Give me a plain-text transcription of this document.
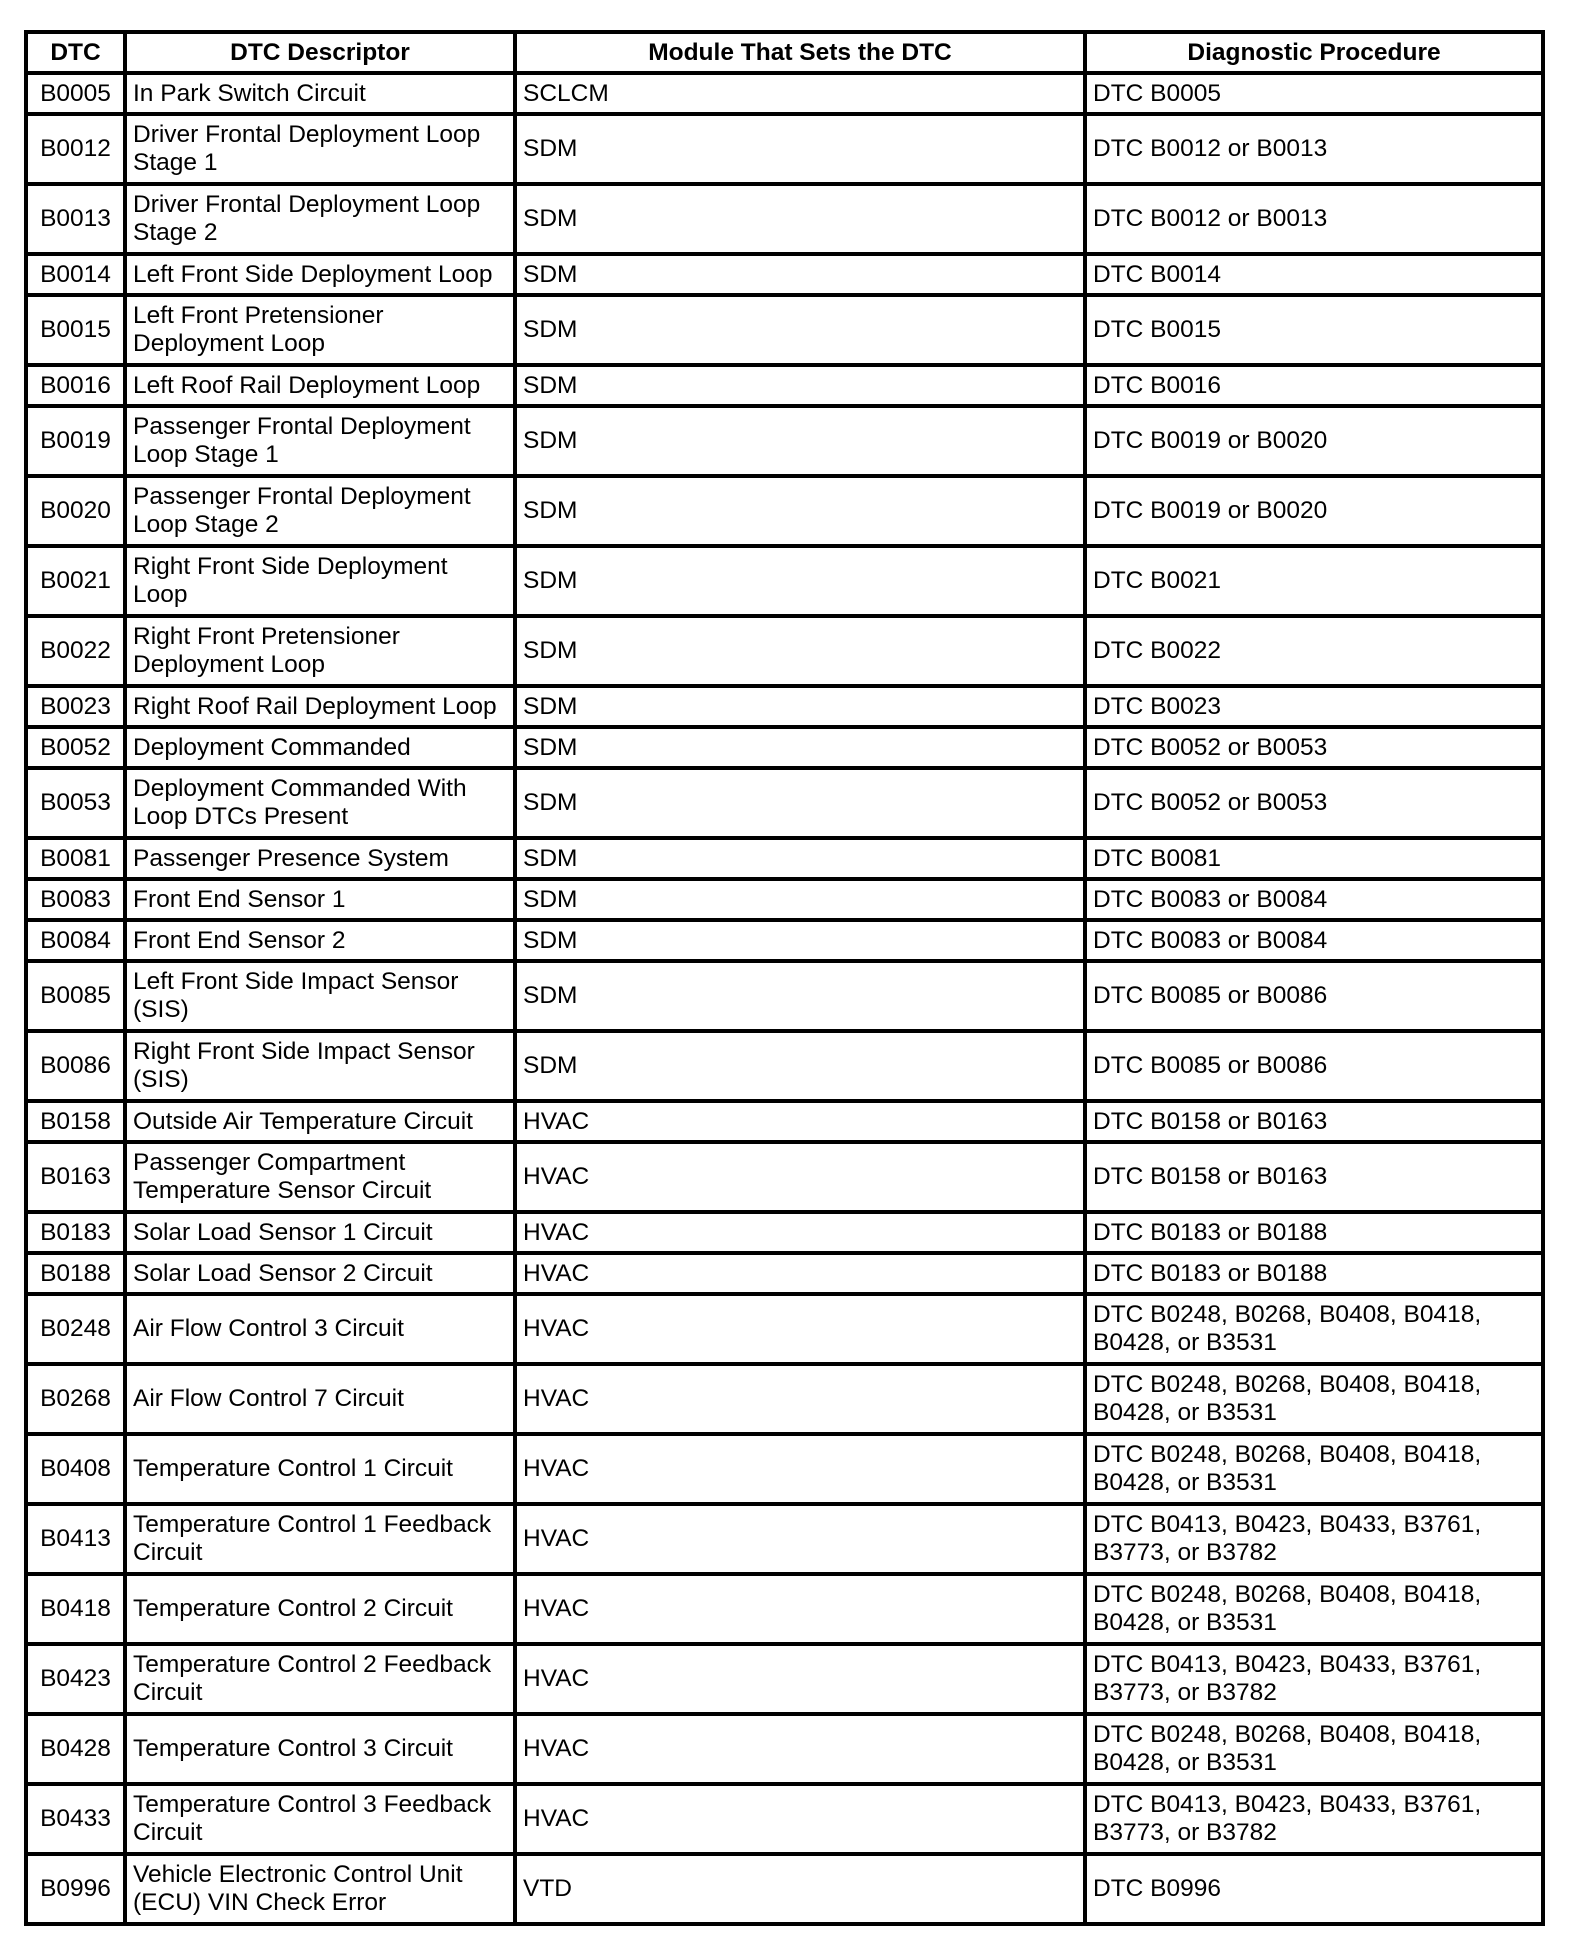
DTC	DTC Descriptor	Module That Sets the DTC	Diagnostic Procedure
B0005	In Park Switch Circuit	SCLCM	DTC B0005
B0012	Driver Frontal Deployment Loop Stage 1	SDM	DTC B0012 or B0013
B0013	Driver Frontal Deployment Loop Stage 2	SDM	DTC B0012 or B0013
B0014	Left Front Side Deployment Loop	SDM	DTC B0014
B0015	Left Front Pretensioner Deployment Loop	SDM	DTC B0015
B0016	Left Roof Rail Deployment Loop	SDM	DTC B0016
B0019	Passenger Frontal Deployment Loop Stage 1	SDM	DTC B0019 or B0020
B0020	Passenger Frontal Deployment Loop Stage 2	SDM	DTC B0019 or B0020
B0021	Right Front Side Deployment Loop	SDM	DTC B0021
B0022	Right Front Pretensioner Deployment Loop	SDM	DTC B0022
B0023	Right Roof Rail Deployment Loop	SDM	DTC B0023
B0052	Deployment Commanded	SDM	DTC B0052 or B0053
B0053	Deployment Commanded With Loop DTCs Present	SDM	DTC B0052 or B0053
B0081	Passenger Presence System	SDM	DTC B0081
B0083	Front End Sensor 1	SDM	DTC B0083 or B0084
B0084	Front End Sensor 2	SDM	DTC B0083 or B0084
B0085	Left Front Side Impact Sensor (SIS)	SDM	DTC B0085 or B0086
B0086	Right Front Side Impact Sensor (SIS)	SDM	DTC B0085 or B0086
B0158	Outside Air Temperature Circuit	HVAC	DTC B0158 or B0163
B0163	Passenger Compartment Temperature Sensor Circuit	HVAC	DTC B0158 or B0163
B0183	Solar Load Sensor 1 Circuit	HVAC	DTC B0183 or B0188
B0188	Solar Load Sensor 2 Circuit	HVAC	DTC B0183 or B0188
B0248	Air Flow Control 3 Circuit	HVAC	DTC B0248, B0268, B0408, B0418, B0428, or B3531
B0268	Air Flow Control 7 Circuit	HVAC	DTC B0248, B0268, B0408, B0418, B0428, or B3531
B0408	Temperature Control 1 Circuit	HVAC	DTC B0248, B0268, B0408, B0418, B0428, or B3531
B0413	Temperature Control 1 Feedback Circuit	HVAC	DTC B0413, B0423, B0433, B3761, B3773, or B3782
B0418	Temperature Control 2 Circuit	HVAC	DTC B0248, B0268, B0408, B0418, B0428, or B3531
B0423	Temperature Control 2 Feedback Circuit	HVAC	DTC B0413, B0423, B0433, B3761, B3773, or B3782
B0428	Temperature Control 3 Circuit	HVAC	DTC B0248, B0268, B0408, B0418, B0428, or B3531
B0433	Temperature Control 3 Feedback Circuit	HVAC	DTC B0413, B0423, B0433, B3761, B3773, or B3782
B0996	Vehicle Electronic Control Unit (ECU) VIN Check Error	VTD	DTC B0996
